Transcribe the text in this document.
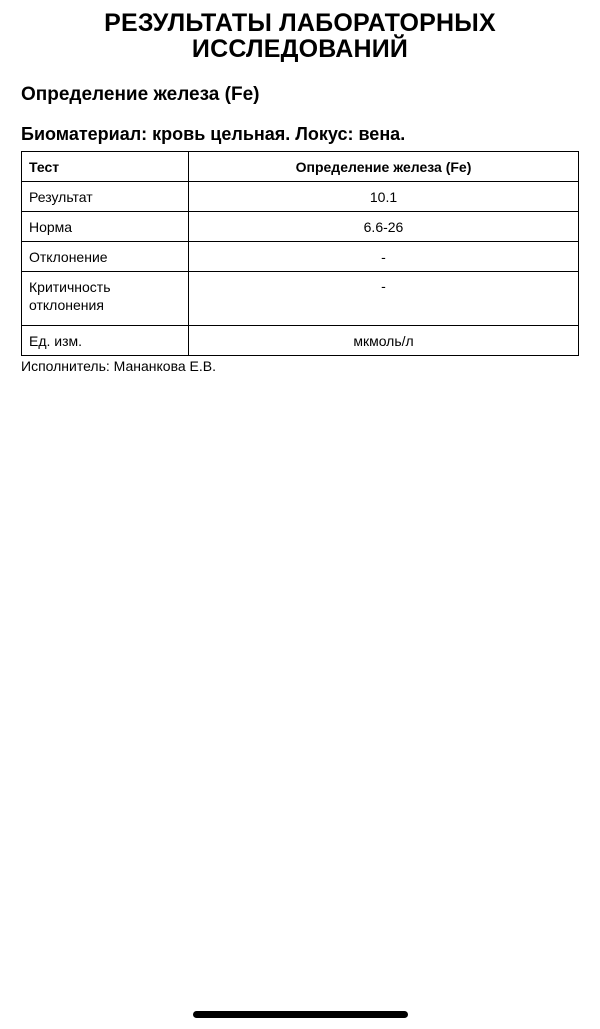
РЕЗУЛЬТАТЫ ЛАБОРАТОРНЫХ
ИССЛЕДОВАНИЙ
Определение железа (Fe)
Биоматериал: кровь цельная. Локус: вена.
Тест	Определение железа (Fe)
Результат	10.1
Норма	6.6-26
Отклонение	-
Критичность
отклонения	-
Ед. изм.	мкмоль/л

Исполнитель: Мананкова Е.В.
